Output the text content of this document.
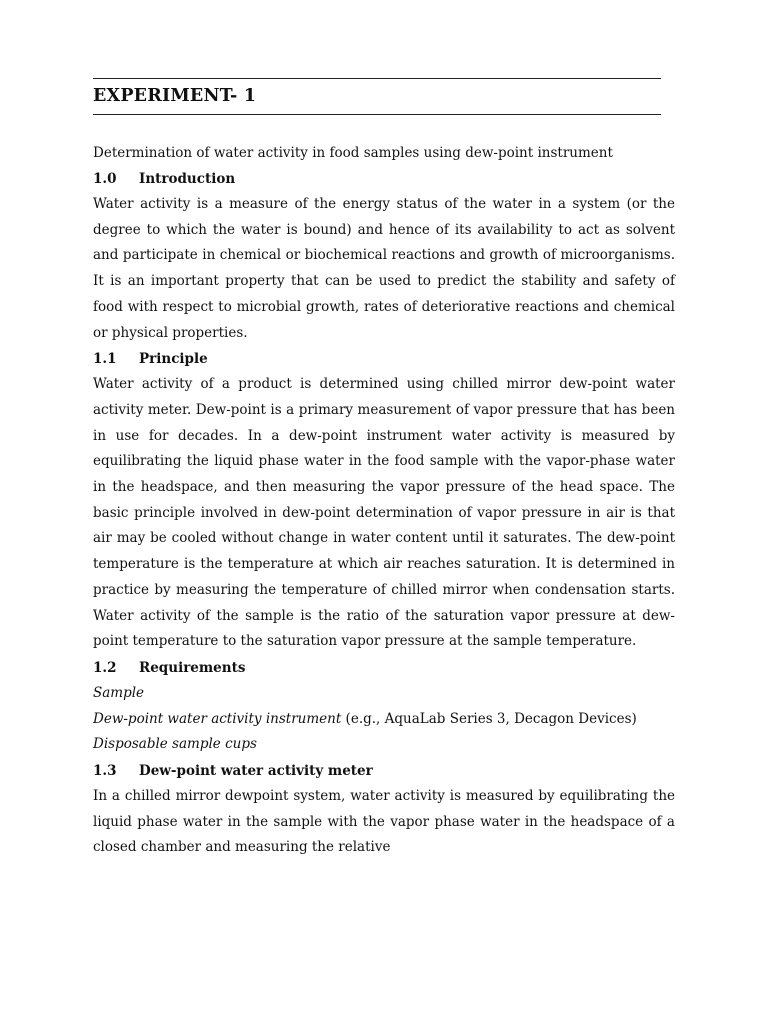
EXPERIMENT- 1
Determination of water activity in food samples using dew-point instrument
1.0	Introduction
Water activity is a measure of the energy status of the water in a system (or the degree to which the water is bound) and hence of its availability to act as solvent and participate in chemical or biochemical reactions and growth of microorganisms. It is an important property that can be used to predict the stability and safety of food with respect to microbial growth, rates of deteriorative reactions and chemical or physical properties.
1.1	Principle
Water activity of a product is determined using chilled mirror dew-point water activity meter. Dew-point is a primary measurement of vapor pressure that has been in use for decades. In a dew-point instrument water activity is measured by equilibrating the liquid phase water in the food sample with the vapor-phase water in the headspace, and then measuring the vapor pressure of the head space. The basic principle involved in dew-point determination of vapor pressure in air is that air may be cooled without change in water content until it saturates. The dew-point temperature is the temperature at which air reaches saturation. It is determined in practice by measuring the temperature of chilled mirror when condensation starts. Water activity of the sample is the ratio of the saturation vapor pressure at dew-point temperature to the saturation vapor pressure at the sample temperature.
1.2	Requirements
Sample
Dew-point water activity instrument (e.g., AquaLab Series 3, Decagon Devices)
Disposable sample cups
1.3	Dew-point water activity meter
In a chilled mirror dewpoint system, water activity is measured by equilibrating the liquid phase water in the sample with the vapor phase water in the headspace of a closed chamber and measuring the relative
